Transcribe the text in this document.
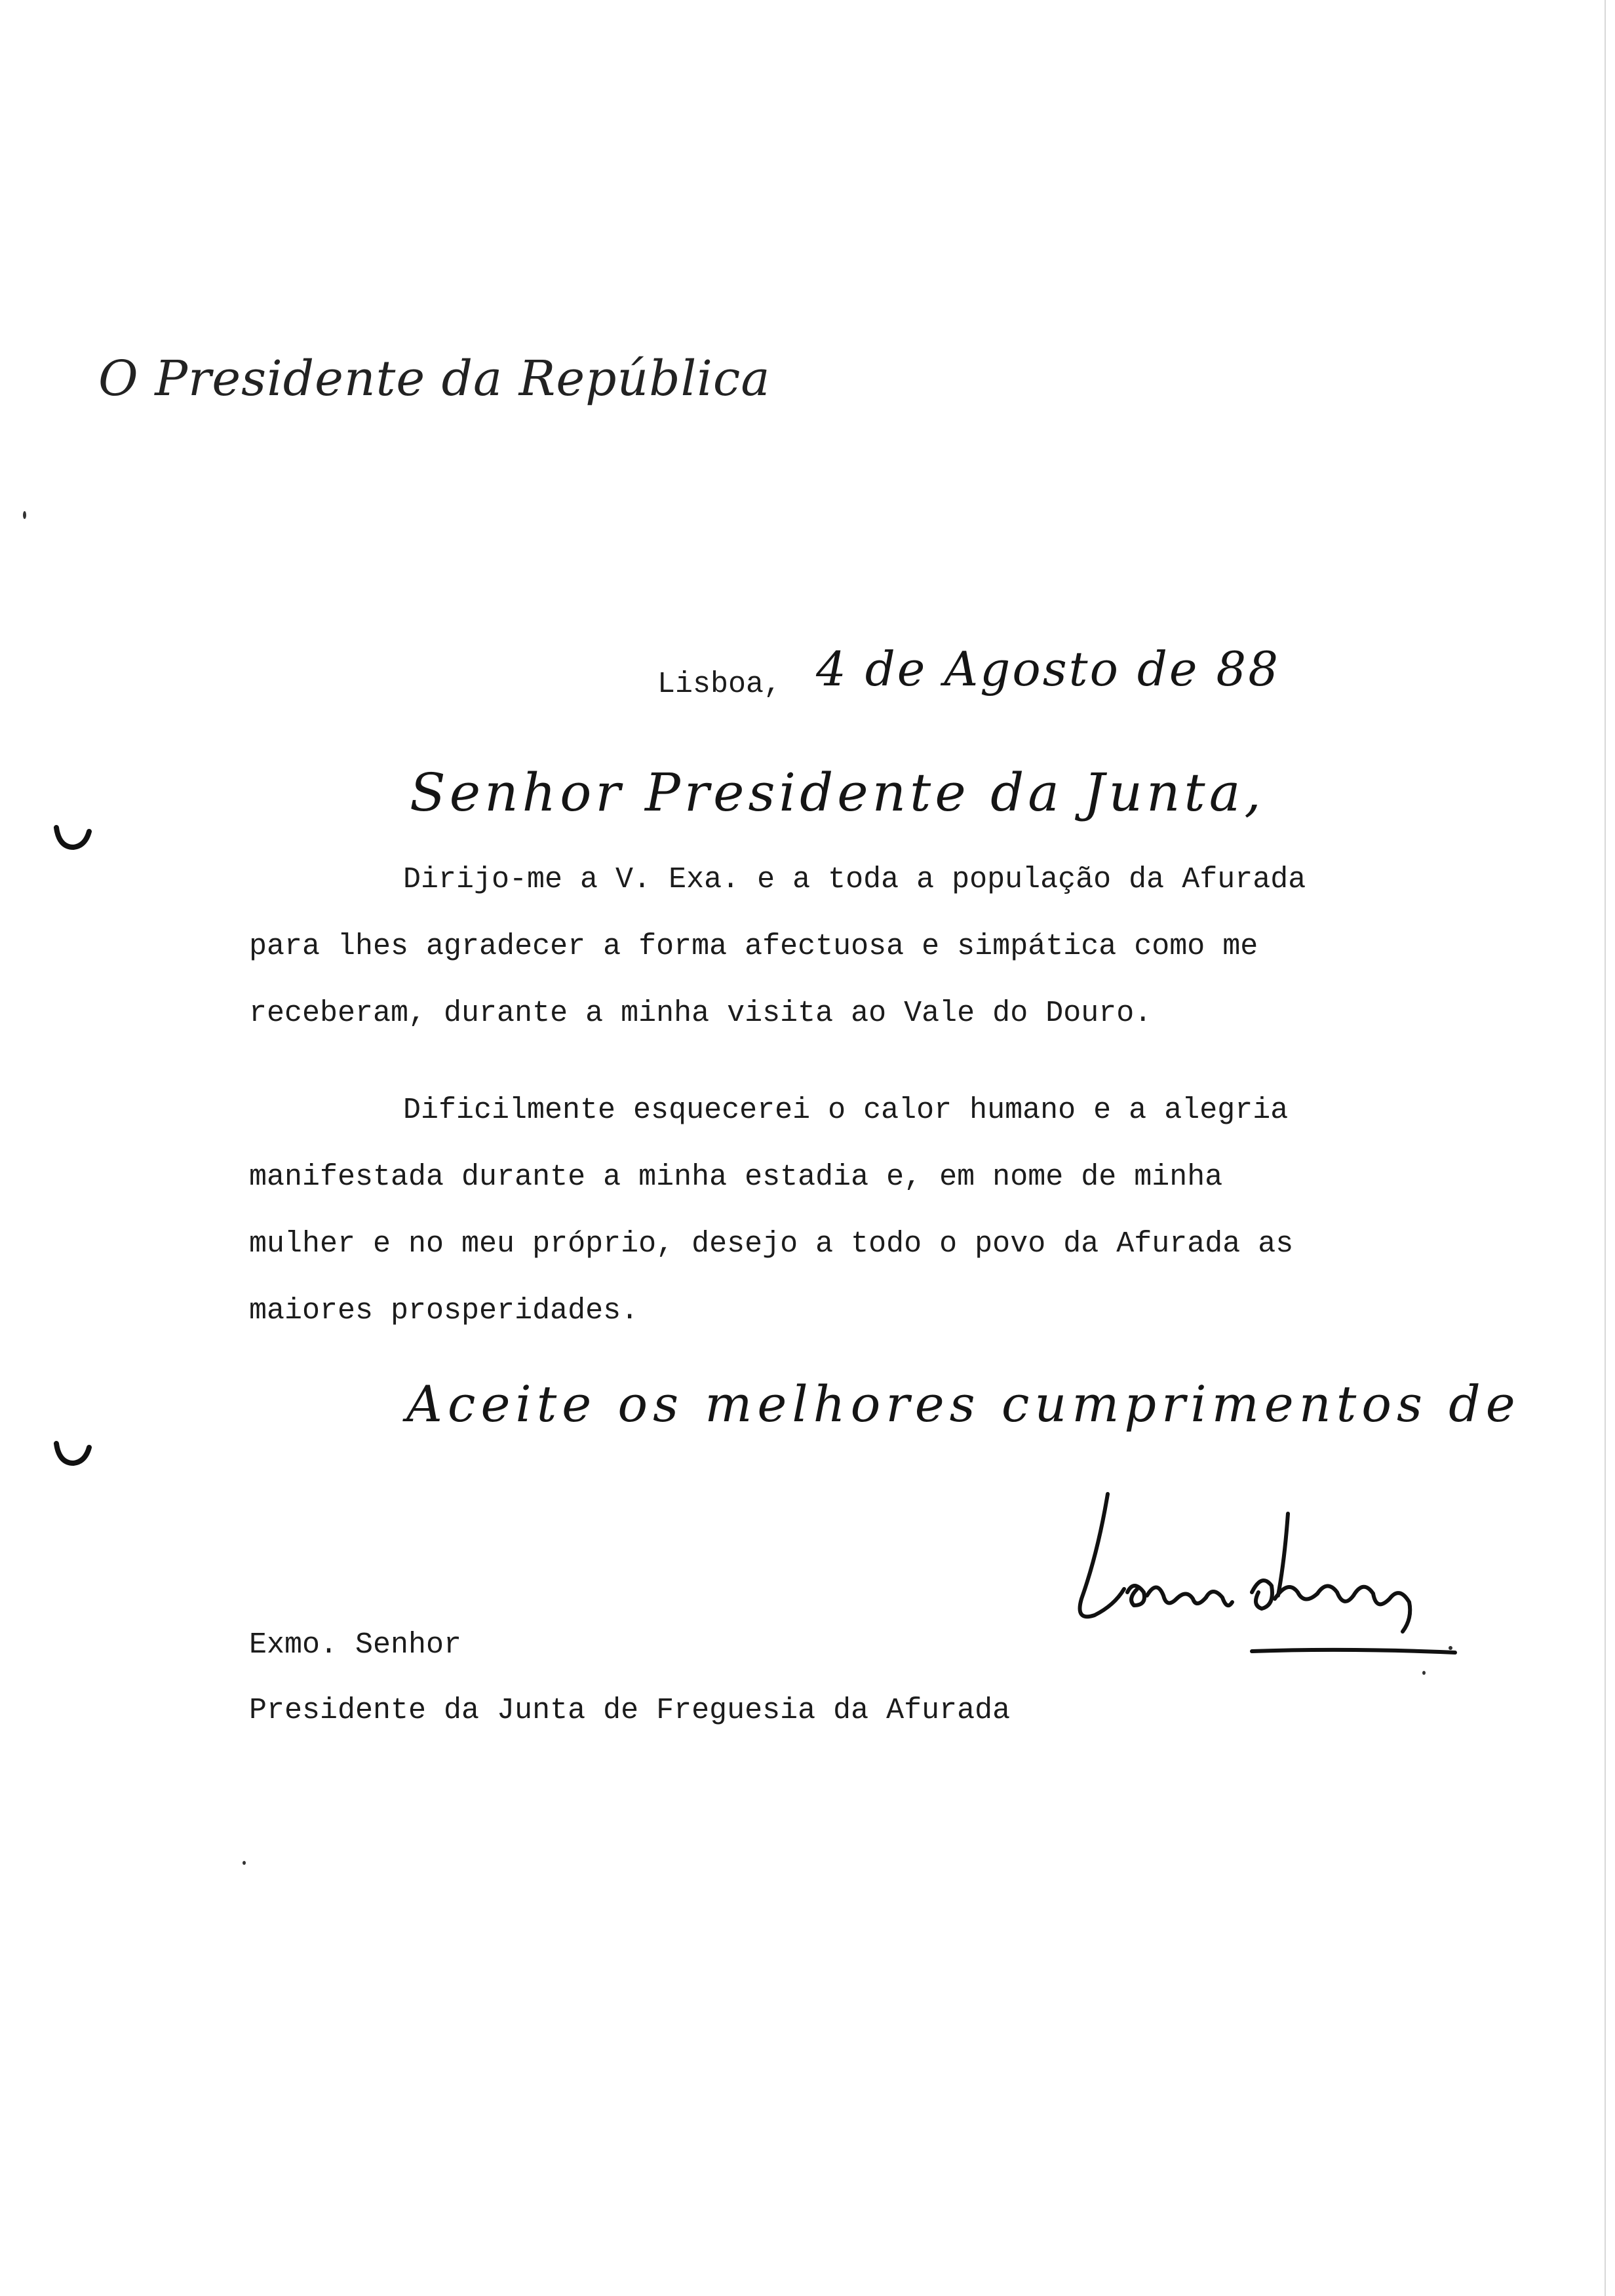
O Presidente da República
Lisboa, 4 de Agosto de 88
Senhor Presidente da Junta,
Dirijo-me a V. Exa. e a toda a população da Afurada
para lhes agradecer a forma afectuosa e simpática como me
receberam, durante a minha visita ao Vale do Douro.
Dificilmente esquecerei o calor humano e a alegria
manifestada durante a minha estadia e, em nome de minha
mulher e no meu próprio, desejo a todo o povo da Afurada as
maiores prosperidades.
Aceite os melhores cumprimentos de
Exmo. Senhor
Presidente da Junta de Freguesia da Afurada
